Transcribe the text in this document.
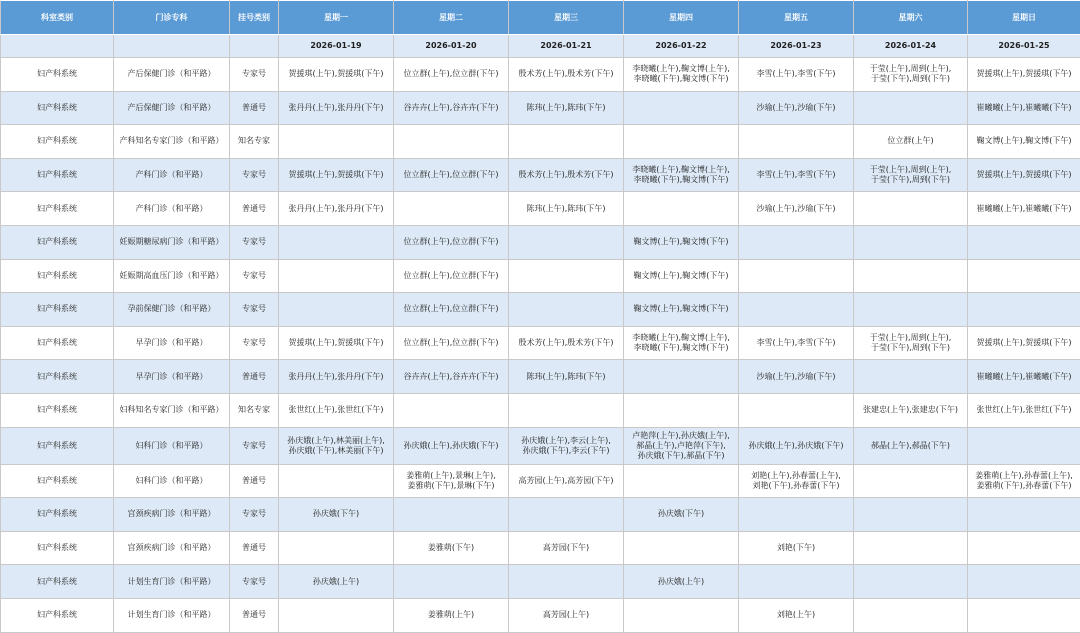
科室类别	门诊专科	挂号类别	星期一	星期二	星期三	星期四	星期五	星期六	星期日
			2026-01-19	2026-01-20	2026-01-21	2026-01-22	2026-01-23	2026-01-24	2026-01-25
妇产科系统	产后保健门诊（和平路）	专家号	贺援琪(上午),贺援琪(下午)	位立群(上午),位立群(下午)	殷术芳(上午),殷术芳(下午)	李晓曦(上午),鞠文博(上午),
李晓曦(下午),鞠文博(下午)	李雪(上午),李雪(下午)	于莹(上午),周到(上午),
于莹(下午),周到(下午)	贺援琪(上午),贺援琪(下午)
妇产科系统	产后保健门诊（和平路）	普通号	张丹丹(上午),张丹丹(下午)	谷卉卉(上午),谷卉卉(下午)	陈玮(上午),陈玮(下午)		沙瑜(上午),沙瑜(下午)		崔曦曦(上午),崔曦曦(下午)
妇产科系统	产科知名专家门诊（和平路）	知名专家						位立群(上午)	鞠文博(上午),鞠文博(下午)
妇产科系统	产科门诊（和平路）	专家号	贺援琪(上午),贺援琪(下午)	位立群(上午),位立群(下午)	殷术芳(上午),殷术芳(下午)	李晓曦(上午),鞠文博(上午),
李晓曦(下午),鞠文博(下午)	李雪(上午),李雪(下午)	于莹(上午),周到(上午),
于莹(下午),周到(下午)	贺援琪(上午),贺援琪(下午)
妇产科系统	产科门诊（和平路）	普通号	张丹丹(上午),张丹丹(下午)		陈玮(上午),陈玮(下午)		沙瑜(上午),沙瑜(下午)		崔曦曦(上午),崔曦曦(下午)
妇产科系统	妊娠期糖尿病门诊（和平路）	专家号		位立群(上午),位立群(下午)		鞠文博(上午),鞠文博(下午)			
妇产科系统	妊娠期高血压门诊（和平路）	专家号		位立群(上午),位立群(下午)		鞠文博(上午),鞠文博(下午)			
妇产科系统	孕前保健门诊（和平路）	专家号		位立群(上午),位立群(下午)		鞠文博(上午),鞠文博(下午)			
妇产科系统	早孕门诊（和平路）	专家号	贺援琪(上午),贺援琪(下午)	位立群(上午),位立群(下午)	殷术芳(上午),殷术芳(下午)	李晓曦(上午),鞠文博(上午),
李晓曦(下午),鞠文博(下午)	李雪(上午),李雪(下午)	于莹(上午),周到(上午),
于莹(下午),周到(下午)	贺援琪(上午),贺援琪(下午)
妇产科系统	早孕门诊（和平路）	普通号	张丹丹(上午),张丹丹(下午)	谷卉卉(上午),谷卉卉(下午)	陈玮(上午),陈玮(下午)		沙瑜(上午),沙瑜(下午)		崔曦曦(上午),崔曦曦(下午)
妇产科系统	妇科知名专家门诊（和平路）	知名专家	张世红(上午),张世红(下午)					张建忠(上午),张建忠(下午)	张世红(上午),张世红(下午)
妇产科系统	妇科门诊（和平路）	专家号	孙庆娥(上午),林美丽(上午),
孙庆娥(下午),林美丽(下午)	孙庆娥(上午),孙庆娥(下午)	孙庆娥(上午),李云(上午),
孙庆娥(下午),李云(下午)	卢艳萍(上午),孙庆娥(上午),
郝晶(上午),卢艳萍(下午),
孙庆娥(下午),郝晶(下午)	孙庆娥(上午),孙庆娥(下午)	郝晶(上午),郝晶(下午)	
妇产科系统	妇科门诊（和平路）	普通号		姜雅萌(上午),景琳(上午),
姜雅萌(下午),景琳(下午)	高芳园(上午),高芳园(下午)		刘艳(上午),孙春蕾(上午),
刘艳(下午),孙春蕾(下午)		姜雅萌(上午),孙春蕾(上午),
姜雅萌(下午),孙春蕾(下午)
妇产科系统	宫颈疾病门诊（和平路）	专家号	孙庆娥(下午)			孙庆娥(下午)			
妇产科系统	宫颈疾病门诊（和平路）	普通号		姜雅萌(下午)	高芳园(下午)		刘艳(下午)		
妇产科系统	计划生育门诊（和平路）	专家号	孙庆娥(上午)			孙庆娥(上午)			
妇产科系统	计划生育门诊（和平路）	普通号		姜雅萌(上午)	高芳园(上午)		刘艳(上午)		
